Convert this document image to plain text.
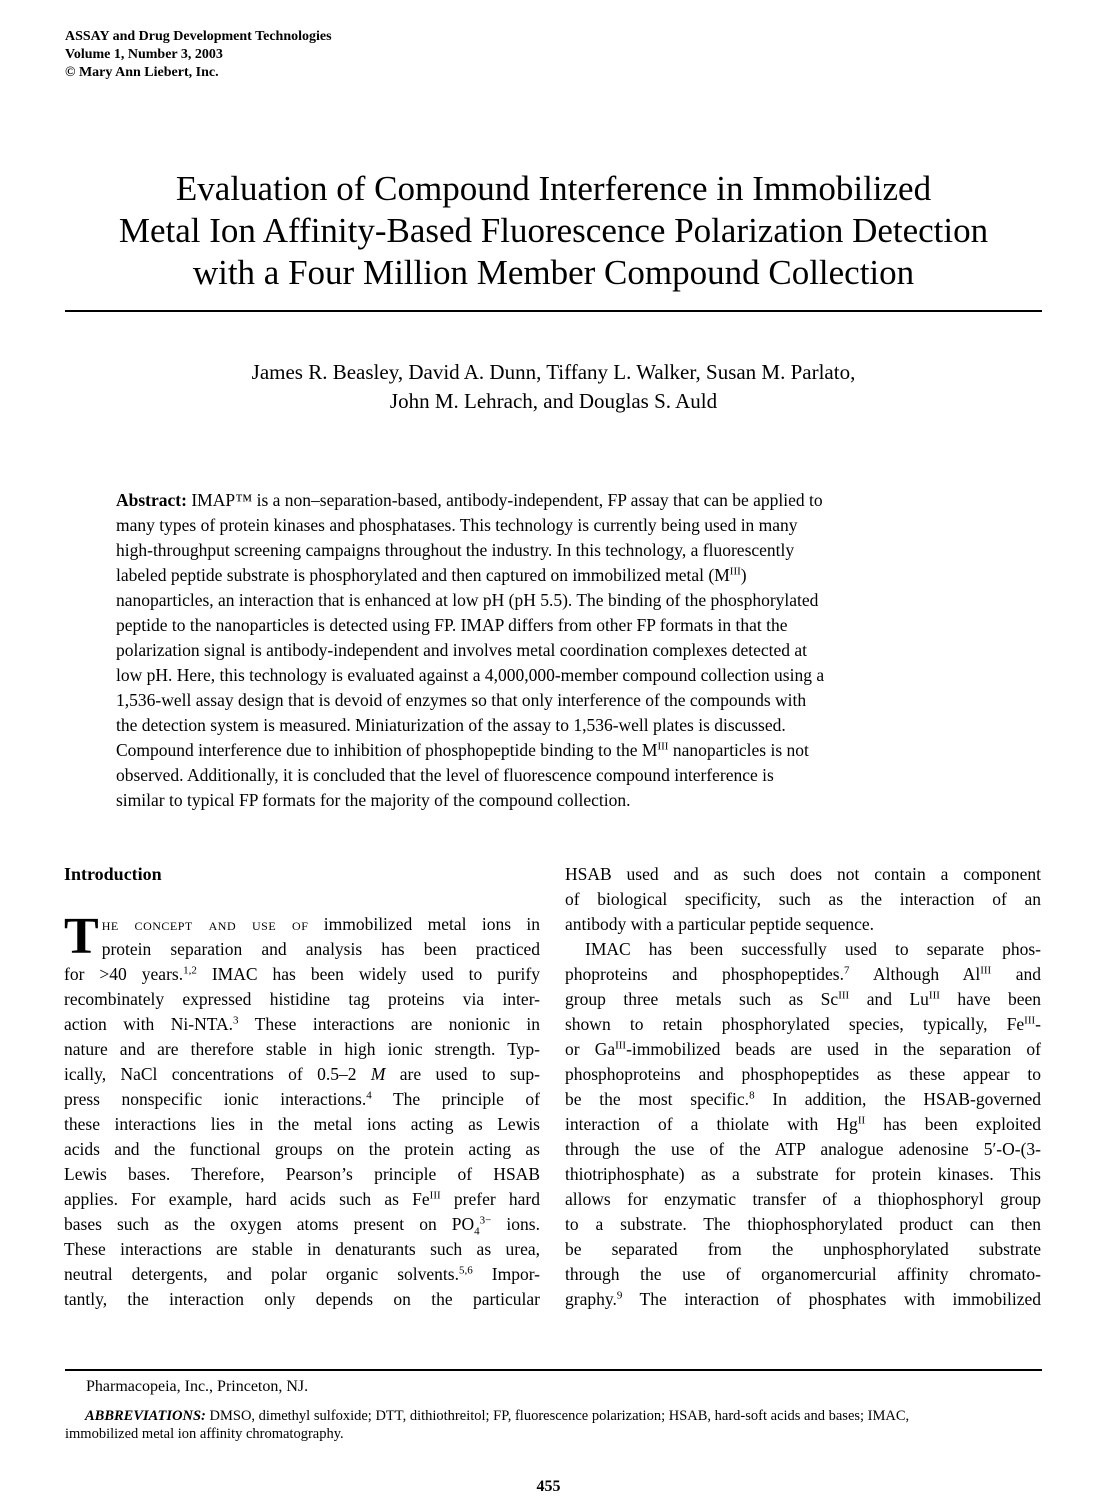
ASSAY and Drug Development Technologies
Volume 1, Number 3, 2003
© Mary Ann Liebert, Inc.
Evaluation of Compound Interference in Immobilized
Metal Ion Affinity-Based Fluorescence Polarization Detection
with a Four Million Member Compound Collection
James R. Beasley, David A. Dunn, Tiffany L. Walker, Susan M. Parlato,
John M. Lehrach, and Douglas S. Auld
Abstract: IMAP™ is a non–separation-based, antibody-independent, FP assay that can be applied to
many types of protein kinases and phosphatases. This technology is currently being used in many
high-throughput screening campaigns throughout the industry. In this technology, a fluorescently
labeled peptide substrate is phosphorylated and then captured on immobilized metal $(M^{III})$
nanoparticles, an interaction that is enhanced at low pH (pH 5.5). The binding of the phosphorylated
peptide to the nanoparticles is detected using FP. IMAP differs from other FP formats in that the
polarization signal is antibody-independent and involves metal coordination complexes detected at
low pH. Here, this technology is evaluated against a 4,000,000-member compound collection using a
1,536-well assay design that is devoid of enzymes so that only interference of the compounds with
the detection system is measured. Miniaturization of the assay to 1,536-well plates is discussed.
Compound interference due to inhibition of phosphopeptide binding to the $M^{III}$ nanoparticles is not
observed. Additionally, it is concluded that the level of fluorescence compound interference is
similar to typical FP formats for the majority of the compound collection.
Introduction
T he concept and use of immobilized metal ions in
protein separation and analysis has been practiced
for >40 years.$^{1,2}$ IMAC has been widely used to purify
recombinately expressed histidine tag proteins via inter-
action with Ni-NTA.$^3$ These interactions are nonionic in
nature and are therefore stable in high ionic strength. Typ-
ically, NaCl concentrations of 0.5–2 M are used to sup-
press nonspecific ionic interactions.$^4$ The principle of
these interactions lies in the metal ions acting as Lewis
acids and the functional groups on the protein acting as
Lewis bases. Therefore, Pearson’s principle of HSAB
applies. For example, hard acids such as $Fe^{III}$ prefer hard
bases such as the oxygen atoms present on $PO_4^{3-}$ ions.
These interactions are stable in denaturants such as urea,
neutral detergents, and polar organic solvents.$^{5,6}$ Impor-
tantly, the interaction only depends on the particular
HSAB used and as such does not contain a component
of biological specificity, such as the interaction of an
antibody with a particular peptide sequence.
IMAC has been successfully used to separate phos-
phoproteins and phosphopeptides.$^7$ Although $Al^{III}$ and
group three metals such as $Sc^{III}$ and $Lu^{III}$ have been
shown to retain phosphorylated species, typically, $Fe^{III}-$
or $Ga^{III}$-immobilized beads are used in the separation of
phosphoproteins and phosphopeptides as these appear to
be the most specific.$^8$ In addition, the HSAB-governed
interaction of a thiolate with $Hg^{II}$ has been exploited
through the use of the ATP analogue adenosine 5′-O-(3-
thiotriphosphate) as a substrate for protein kinases. This
allows for enzymatic transfer of a thiophosphoryl group
to a substrate. The thiophosphorylated product can then
be separated from the unphosphorylated substrate
through the use of organomercurial affinity chromato-
graphy.$^9$ The interaction of phosphates with immobilized
Pharmacopeia, Inc., Princeton, NJ.
ABBREVIATIONS: DMSO, dimethyl sulfoxide; DTT, dithiothreitol; FP, fluorescence polarization; HSAB, hard-soft acids and bases; IMAC,
immobilized metal ion affinity chromatography.
455
